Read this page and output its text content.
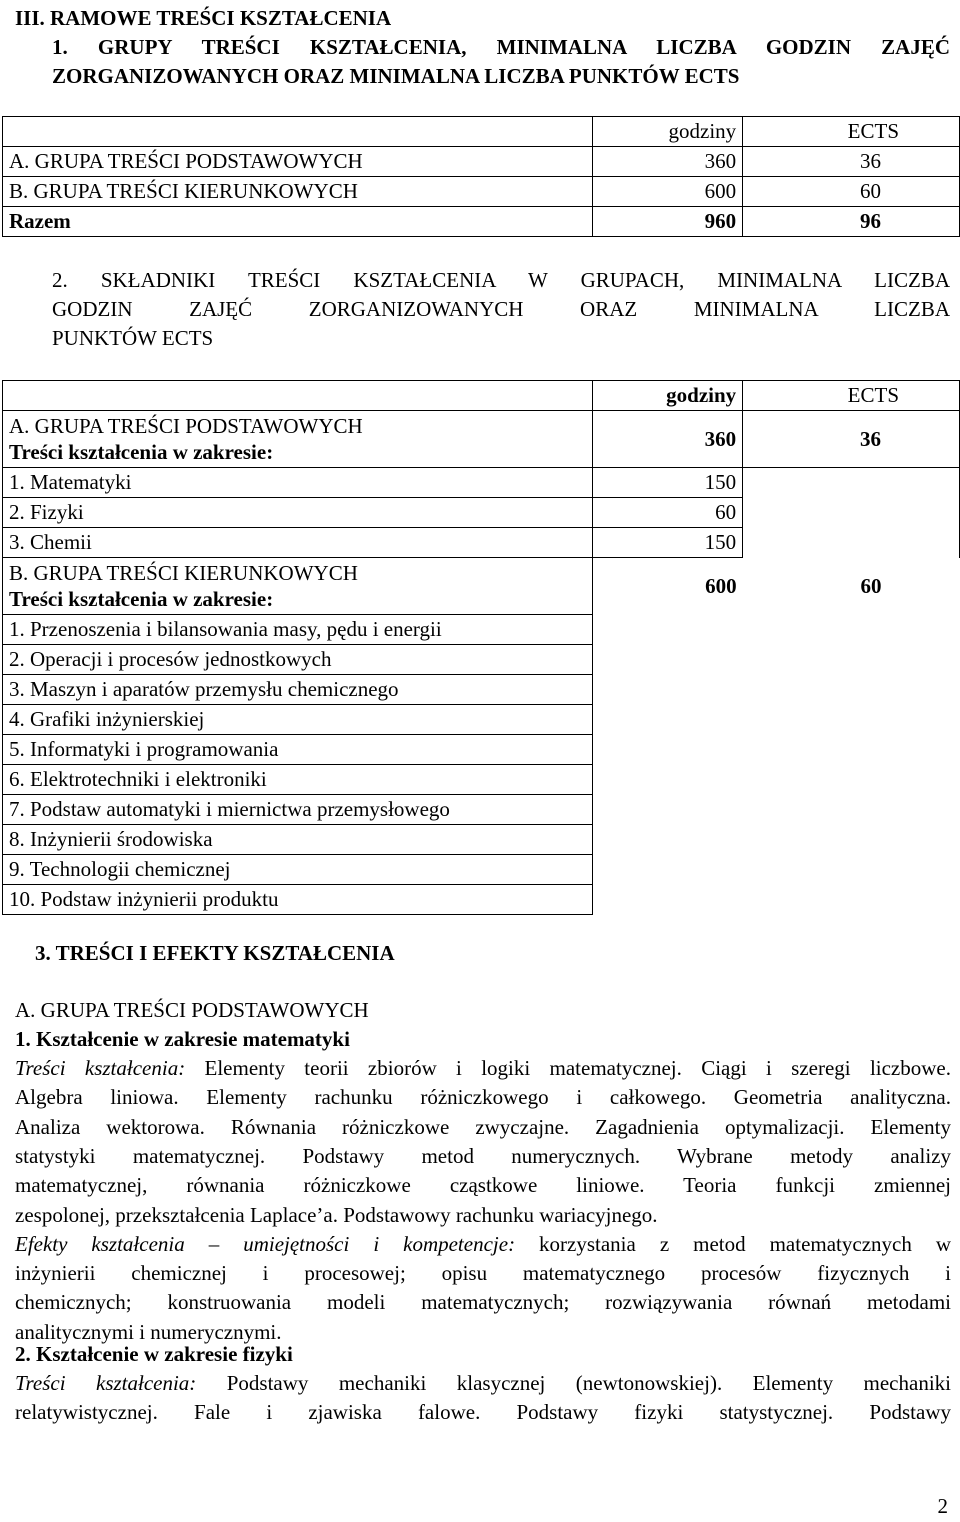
III. RAMOWE TREŚCI KSZTAŁCENIA
1. GRUPY TREŚCI KSZTAŁCENIA, MINIMALNA LICZBA GODZIN ZAJĘĆ
ZORGANIZOWANYCH ORAZ MINIMALNA LICZBA PUNKTÓW ECTS
	godziny	ECTS
A. GRUPA TREŚCI PODSTAWOWYCH	360	36
B. GRUPA TREŚCI KIERUNKOWYCH	600	60
Razem	960	96
2. SKŁADNIKI TREŚCI KSZTAŁCENIA W GRUPACH, MINIMALNA LICZBA
GODZIN ZAJĘĆ ZORGANIZOWANYCH ORAZ MINIMALNA LICZBA
PUNKTÓW ECTS
	godziny	ECTS

A. GRUPA TREŚCI PODSTAWOWYCH
Treści kształcenia w zakresie:	360	36
1. Matematyki	150	
2. Fizyki	60	
3. Chemii	150	

B. GRUPA TREŚCI KIERUNKOWYCH
Treści kształcenia w zakresie:	600	60
1. Przenoszenia i bilansowania masy, pędu i energii		
2. Operacji i procesów jednostkowych		
3. Maszyn i aparatów przemysłu chemicznego		
4. Grafiki inżynierskiej		
5. Informatyki i programowania		
6. Elektrotechniki i elektroniki		
7. Podstaw automatyki i miernictwa przemysłowego		
8. Inżynierii środowiska		
9. Technologii chemicznej		
10. Podstaw inżynierii produktu		
3. TREŚCI I EFEKTY KSZTAŁCENIA
A. GRUPA TREŚCI PODSTAWOWYCH
1. Kształcenie w zakresie matematyki
Treści kształcenia: Elementy teorii zbiorów i logiki matematycznej. Ciągi i szeregi liczbowe.
Algebra liniowa. Elementy rachunku różniczkowego i całkowego. Geometria analityczna.
Analiza wektorowa. Równania różniczkowe zwyczajne. Zagadnienia optymalizacji. Elementy
statystyki matematycznej. Podstawy metod numerycznych. Wybrane metody analizy
matematycznej, równania różniczkowe cząstkowe liniowe. Teoria funkcji zmiennej
zespolonej, przekształcenia Laplace’a. Podstawowy rachunku wariacyjnego.
Efekty kształcenia – umiejętności i kompetencje: korzystania z metod matematycznych w
inżynierii chemicznej i procesowej; opisu matematycznego procesów fizycznych i
chemicznych; konstruowania modeli matematycznych; rozwiązywania równań metodami
analitycznymi i numerycznymi.
2. Kształcenie w zakresie fizyki
Treści kształcenia: Podstawy mechaniki klasycznej (newtonowskiej). Elementy mechaniki
relatywistycznej. Fale i zjawiska falowe. Podstawy fizyki statystycznej. Podstawy
2
